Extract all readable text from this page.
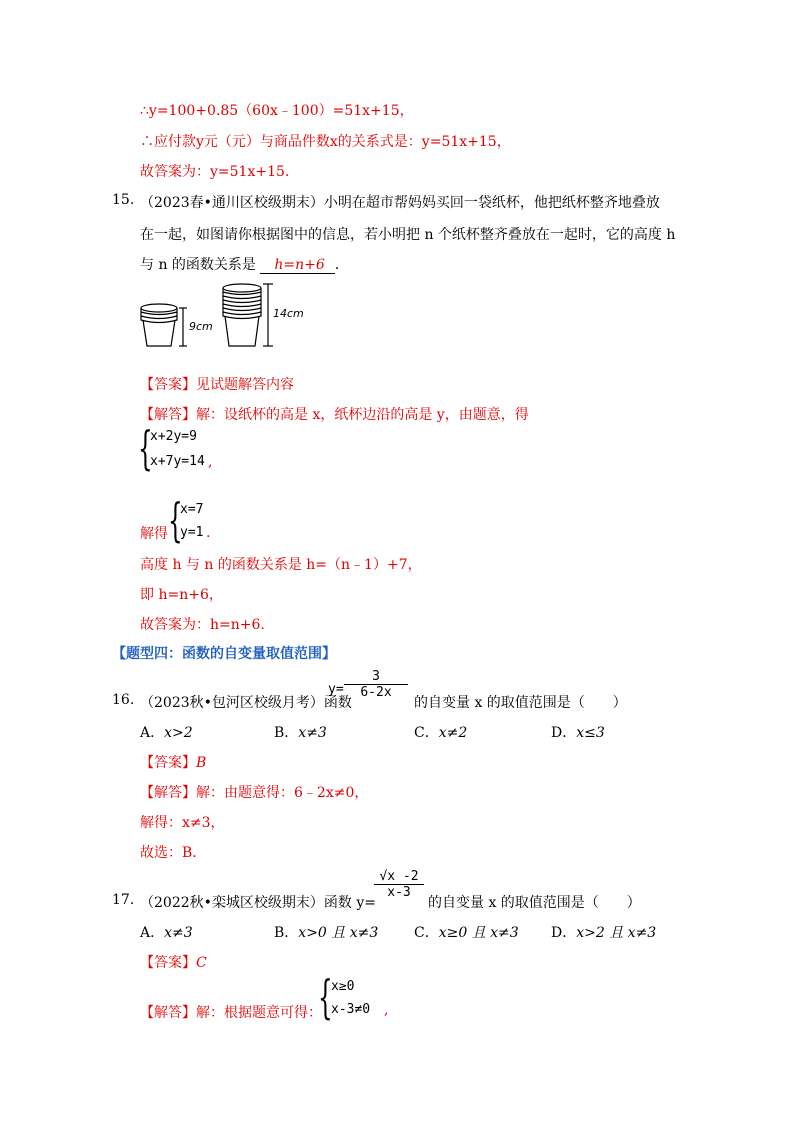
∴y=100+0.85（60x﹣100）=51x+15，
∴应付款y元（元）与商品件数x的关系式是：y=51x+15，
故答案为：y=51x+15.
15. （2023春•通川区校级期末）小明在超市帮妈妈买回一袋纸杯，他把纸杯整齐地叠放
在一起，如图请你根据图中的信息，若小明把 n 个纸杯整齐叠放在一起时，它的高度 h
与 n 的函数关系是 h=n+6 .
9cm
14cm
【答案】见试题解答内容
【解答】解：设纸杯的高是 x，纸杯边沿的高是 y，由题意，得
{
x+2y=9
x+7y=14 ,
解得 {
x=7
y=1 .
高度 h 与 n 的函数关系是 h=（n﹣1）+7，
即 h=n+6，
故答案为：h=n+6.
【题型四：函数的自变量取值范围】
16. （2023秋•包河区校级月考）函数
$y= \frac{3}{6-2x}$
的自变量 x 的取值范围是（　　）
A．x>2	B．x≠3	C．x≠2	D．x≤3
【答案】B
【解答】解：由题意得：6﹣2x≠0，
解得：x≠3，
故选：B.
17. （2022秋•栾城区校级期末）函数 y=
$\frac{√x -2}{x-3}$
的自变量 x 的取值范围是（　　）
A．x≠3	B．x>0 且 x≠3	C．x≥0 且 x≠3 D．x>2 且 x≠3
【答案】C
【解答】解：根据题意可得：
{
x≥0
x-3≠0 ,
